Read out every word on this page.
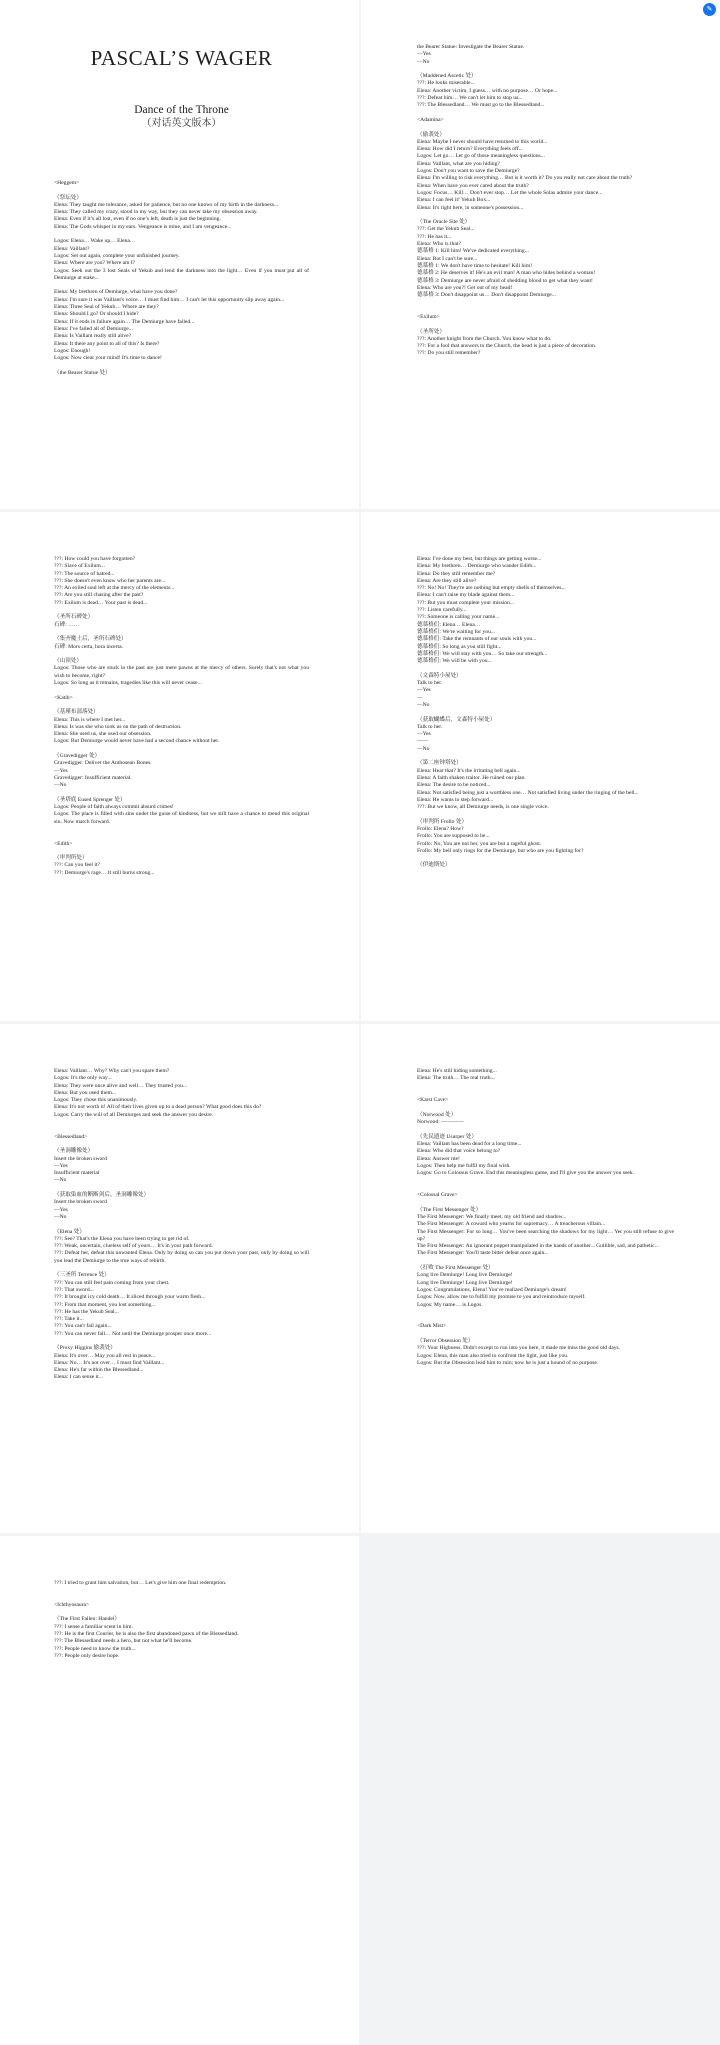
PASCAL’S WAGER
Dance of the Throne
（对话英文版本）

<Heggem>

（祭坛处）

Elena: They taught me tolerance, asked for patience, but no one knows of my birth in the darkness...

Elena: They called my crazy, stood in my way, but they can never take my obsession away.

Elena: Even if it’s all lost, even if no one’s left, death is just the beginning.

Elena: The Gods whisper in my ears. Vengeance is mine, and I am vengeance...

Logos: Elena… Wake up… Elena…

Elena: Vaillant?

Logos: Set out again, complete your unfinished journey.

Elena: Where are you? Where am I?

Logos: Seek out the 3 lost Seals of Yekub and lend the darkness into the light… Even if you must put all of Demiurge at stake...

Elena: My brethren of Demiurge, what have you done?

Elena: I'm sure it was Vaillant's voice… I must find him… I can't let this opportunity slip away again...

Elena: Three Seal of Yekub… Where are they?

Elena: Should I go? Or should I hide?

Elena: If it ends in failure again… The Demiurge have failed...

Elena: I've failed all of Demiurge...

Elena: Is Vaillant really still alive?

Elena: It there any point to all of this? Is there?

Logos: Enough!

Logos: Now clear your mind! It's time to dance!

（the Bearer Statue 处）

the Bearer Statue: Investigate the Bearer Statue.

—Yes

—No

（Maddened Ascetic 处）

???: He looks miserable...

Elena: Another victim, I guess… with no purpose… Or hope...

???: Defeat him… We can't let him to stop us...

???: The Blessedland… We must go to the Blessedland...

<Adamina>

（偷袭处）

Elena: Maybe I never should have returned to this world...

Elena: How did I return? Everything feels off...

Logos: Let go… Let go of those meaningless questions...

Elena: Vaillant, what are you hiding?

Logos: Don't you want to save the Demiurge?

Elena: I'm willing to risk everything… But is it worth it? Do you really not care about the truth?

Elena: When have you ever cared about the truth?

Logos: Focus… Kill… Don't ever stop… Let the whole Solas admire your dance...

Elena: I can feel it! Yekub Box...

Elena: It's right here, in someone's possession...

（The Oracle Site 处）

???: Get the Yekub Seal...

???: He has it...

Elena: Who is that?

德慕格 1: Kill him! We've dedicated everything...

Elena: But I can't be sure...

德慕格 1: We don't have time to hesitate! Kill him!

德慕格 2: He deserves it! He's an evil man! A man who hides behind a woman!

德慕格 3: Demiurge are never afraid of shedding blood to get what they want!

Elena: Who are you?! Get out of my head!

德慕格 3: Don't disappoint us… Don't disappoint Demiurge...

<Exilum>

（圣所处）

???: Another knight from the Church. You know what to do.

???: For a fool that answers to the Church, the head is just a piece of decoration.

???: Do you still remember?

???: How could you have forgotten?

???: Slave of Exilum...

???: The source of hatred...

???: She doesn't even know who her parents are...

???: An exiled soul left at the mercy of the elements...

???: Are you still chasing after the past?

???: Exilum is dead… Your past is dead...

（圣所石碑处）

石碑: ……

（集齐魔土后，圣所石碑处）

石碑: Mors certa, hora incerta.

（山顶处）

Logos: Those who are stuck in the past are just mere pawns at the mercy of others. Surely that's not what you wish to become, right?

Logos: So long as it remains, tragedies like this will never cease...

<Katib>

（基瑾布部落处）

Elena: This is where I met her...

Elena: Is was she who took us on the path of destruction.

Elena: She used us, she used our obsession.

Logos: But Demiurge would never have had a second chance without her.

（Gravedigger 处）

Gravedigger: Deliver the Anthosean Bones.

—Yes

Gravedigger: Insufficient material.

—No

（圣塔底 Eused Sprenger 处）

Logos: People of faith always commit absurd crimes!

Logos: The place is filled with sins under the guise of kindness, but we still have a chance to mend this original sin. Now march forward.

<Edith>

（审判所处）

???: Can you feel it?

???: Demiurge's rage… It still burns strong...

Elena: I've done my best, but things are getting worse...

Elena: My brethren… Demiurge who wander Edith...

Elena: Do they still remember me?

Elena: Are they still alive?

???: No! No! They're are nothing but empty shells of themselves...

Elena: I can't raise my blade against them...

???: But you must complete your mission...

???: Listen carefully...

???: Someone is calling your name...

德慕格们: Elena… Elena…

德慕格们: We're waiting for you...

德慕格们: Take the remnants of our souls with you...

德慕格们: So long as you still fight...

德慕格们: We will stay with you… So take our strength...

德慕格们: We will be with you...

（文森特小屋处）

Talk to her.

—Yes

—

—No

（获取蝴蝶后，文森特小屋处）

Talk to her.

—Yes

——

—No

（第二座钟塔处）

Elena: Hear that? It's the irritating bell again...

Elena: A faith shaken traitor. He ruined our plan.

Elena: The desire to be noticed...

Elena: Not satisfied being just a worthless one… Not satisfied living under the ringing of the bell...

Elena: He wants to step forward...

???: But we know, all Demiurge needs, is one single voice.

（审判所 Frollo 处）

Frollo: Elena? How?

Frollo: You are supposed to be...

Frollo: No, You are not her, you are but a rageful ghost.

Frollo: My bell only rings for the Demiurge, but who are you fighting for?

（伊迪斯处）

Elena: Vaillant… Why? Why can't you spare them?

Logos: It's the only way...

Elena: They were once alive and well… They trusted you...

Elena: But you used them...

Logos: They chose this unanimously.

Elena: It's not worth it! All of their lives given up to a dead person? What good does this do?

Logos: Carry the will of all Demiurges and seek the answer you desire.

<Blessedland>

（圣洞雕像处）

Insert the broken sword

—Yes

Insufficient material

—No

（获取染血的断断剑后，圣洞雕像处）

Insert the broken sword

—Yes

—No

（Elena 处）

???: See? That's the Elena you have been trying to get rid of.

???: Weak, uncertain, clueless self of yours… It's in your path forward.

???: Defeat her, defeat this unwanted Elena. Only by doing so can you put down your past, only by doing so will you lead the Demiurge to the true ways of rebirth.

（三圣所 Terrence 处）

???: You can still feel pain coming from your chest.

???: That sword...

???: It brought icy cold death… It sliced through your warm flesh...

???: From that moment, you lost something...

???: He has the Yekub Seal...

???: Take it...

???: You can't fail again...

???: You can never fall… Not until the Demiurge prosper once more...

（Proxy Higgins 偷袭处）

Elena: It's over… May you all rest in peace...

Elena: No… It's not over… I must find Vaillant...

Elena: He's far within the Blessedland...

Elena: I can sense it...

Elena: He's still hiding something...

Elena: The truth… The real truth...

<Karst Cave>

（Norwood 处）

Norwood: ————

（先民遗迹 Usurper 处）

Elena: Vaillant has been dead for a long time...

Elena: Who did that voice belong to?

Elena: Answer me!

Logos: Then help me fulfil my final wish.

Logos: Go to Colossus Grave. End this meaningless game, and I'll give you the answer you seek.

<Colossal Grave>

（The First Messenger 处）

The First Messenger: We finally meet, my old friend and shadow...

The First Messenger: A coward who yearns for supremacy… A treacherous villain...

The First Messenger: For so long… You've been searching the shadows for my light… Yet you still refuse to give up?

The First Messenger: An ignorant puppet manipulated in the hands of another... Gullible, sad, and pathetic...

The First Messenger: You'll taste bitter defeat once again...

（打败 The First Messenger 处）

Long live Demiurge! Long live Demiurge!

Long live Demiurge! Long live Demiurge!

Logos: Congratulations, Elena! You've realized Demiurge's dream!

Logos: Now, allow me to fulfill my promise to you and reintroduce myself.

Logos: My name… is Logos.

<Dark Mist>

（Terror Obsession 处）

???: Your Highness, Didn't except to run into you here, it made me miss the good old days.

Logos: Elena, this man also tried to confront the light, just like you.

Logos: But the Obsession lead him to ruin; now he is just a hound of no purpose.

???: I tried to grant him salvation, but… Let's give him one final redemption.

<Ichthyosaura>

（The First Fallen: Handel）

???: I sense a familiar scent in him.

???: He is the first Courier, he is also the first abandoned pawn of the Blessedland.

???: The Blessedland needs a hero, but not what he'll become.

???: People need to know the truth...

???: People only desire hope.

✎
